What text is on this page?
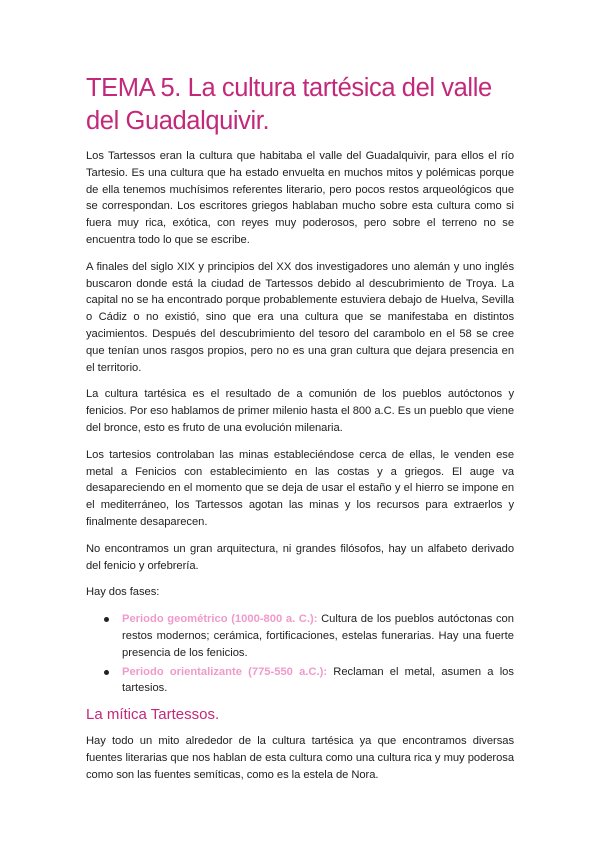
TEMA 5. La cultura tartésica del valle del Guadalquivir.

Los Tartessos eran la cultura que habitaba el valle del Guadalquivir, para ellos el río Tartesio. Es una cultura que ha estado envuelta en muchos mitos y polémicas porque de ella tenemos muchísimos referentes literario, pero pocos restos arqueológicos que se correspondan. Los escritores griegos hablaban mucho sobre esta cultura como si fuera muy rica, exótica, con reyes muy poderosos, pero sobre el terreno no se encuentra todo lo que se escribe.

A finales del siglo XIX y principios del XX dos investigadores uno alemán y uno inglés buscaron donde está la ciudad de Tartessos debido al descubrimiento de Troya. La capital no se ha encontrado porque probablemente estuviera debajo de Huelva, Sevilla o Cádiz o no existió, sino que era una cultura que se manifestaba en distintos yacimientos. Después del descubrimiento del tesoro del carambolo en el 58 se cree que tenían unos rasgos propios, pero no es una gran cultura que dejara presencia en el territorio.

La cultura tartésica es el resultado de a comunión de los pueblos autóctonos y fenicios. Por eso hablamos de primer milenio hasta el 800 a.C. Es un pueblo que viene del bronce, esto es fruto de una evolución milenaria.

Los tartesios controlaban las minas estableciéndose cerca de ellas, le venden ese metal a Fenicios con establecimiento en las costas y a griegos. El auge va desapareciendo en el momento que se deja de usar el estaño y el hierro se impone en el mediterráneo, los Tartessos agotan las minas y los recursos para extraerlos y finalmente desaparecen.

No encontramos un gran arquitectura, ni grandes filósofos, hay un alfabeto derivado del fenicio y orfebrería.

Hay dos fases:

Periodo geométrico (1000-800 a. C.): Cultura de los pueblos autóctonas con restos modernos; cerámica, fortificaciones, estelas funerarias. Hay una fuerte presencia de los fenicios.
Periodo orientalizante (775-550 a.C.): Reclaman el metal, asumen a los tartesios.
La mítica Tartessos.

Hay todo un mito alrededor de la cultura tartésica ya que encontramos diversas fuentes literarias que nos hablan de esta cultura como una cultura rica y muy poderosa como son las fuentes semíticas, como es la estela de Nora.
